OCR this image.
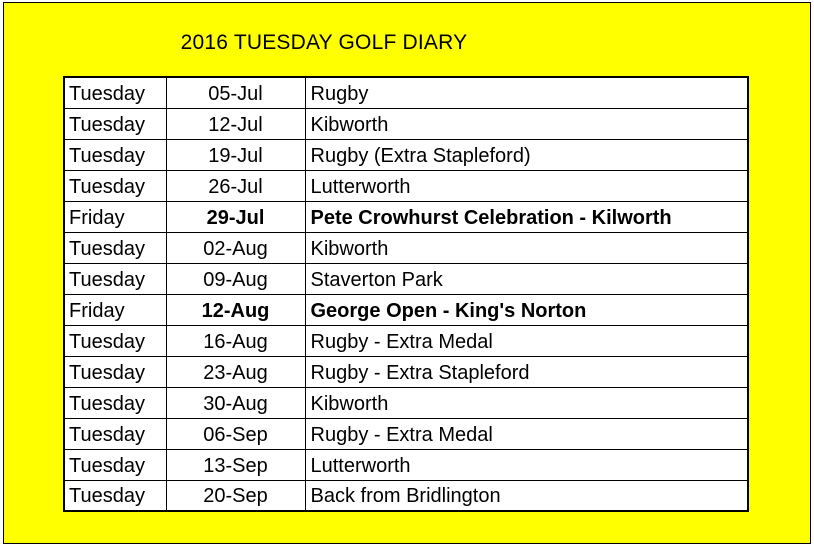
2016 TUESDAY GOLF DIARY
Tuesday	05-Jul	Rugby
Tuesday	12-Jul	Kibworth
Tuesday	19-Jul	Rugby (Extra Stapleford)
Tuesday	26-Jul	Lutterworth
Friday	29-Jul	Pete Crowhurst Celebration - Kilworth
Tuesday	02-Aug	Kibworth
Tuesday	09-Aug	Staverton Park
Friday	12-Aug	George Open - King's Norton
Tuesday	16-Aug	Rugby - Extra Medal
Tuesday	23-Aug	Rugby - Extra Stapleford
Tuesday	30-Aug	Kibworth
Tuesday	06-Sep	Rugby - Extra Medal
Tuesday	13-Sep	Lutterworth
Tuesday	20-Sep	Back from Bridlington
